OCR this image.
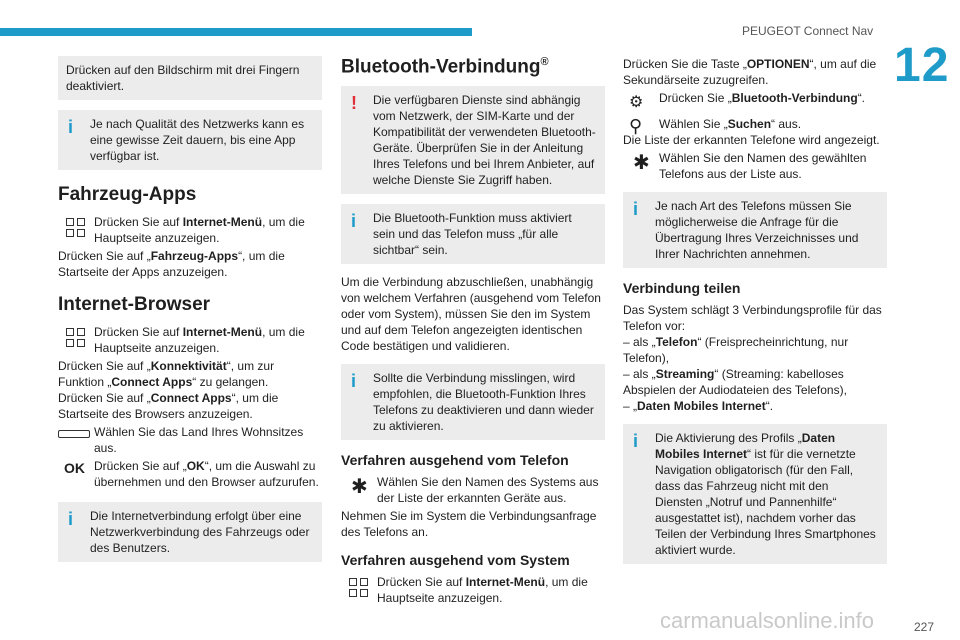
PEUGEOT Connect Nav
12
Drücken auf den Bildschirm mit drei Fingern deaktiviert.
i Je nach Qualität des Netzwerks kann es eine gewisse Zeit dauern, bis eine App verfügbar ist.
Fahrzeug-Apps

Drücken Sie auf Internet-Menü, um die Hauptseite anzuzeigen.

Drücken Sie auf „Fahrzeug-Apps“, um die Startseite der Apps anzuzeigen.

Internet-Browser

Drücken Sie auf Internet-Menü, um die Hauptseite anzuzeigen.

Drücken Sie auf „Konnektivität“, um zur Funktion „Connect Apps“ zu gelangen.

Drücken Sie auf „Connect Apps“, um die Startseite des Browsers anzuzeigen.

Wählen Sie das Land Ihres Wohnsitzes aus.

OK Drücken Sie auf „OK“, um die Auswahl zu übernehmen und den Browser aufzurufen.

i Die Internetverbindung erfolgt über eine Netzwerkverbindung des Fahrzeugs oder des Benutzers.
Bluetooth-Verbindung®
! Die verfügbaren Dienste sind abhängig vom Netzwerk, der SIM-Karte und der Kompatibilität der verwendeten Bluetooth-Geräte. Überprüfen Sie in der Anleitung Ihres Telefons und bei Ihrem Anbieter, auf welche Dienste Sie Zugriff haben.
i Die Bluetooth-Funktion muss aktiviert sein und das Telefon muss „für alle sichtbar“ sein.

Um die Verbindung abzuschließen, unabhängig von welchem Verfahren (ausgehend vom Telefon oder vom System), müssen Sie den im System und auf dem Telefon angezeigten identischen Code bestätigen und validieren.

i Sollte die Verbindung misslingen, wird empfohlen, die Bluetooth-Funktion Ihres Telefons zu deaktivieren und dann wieder zu aktivieren.
Verfahren ausgehend vom Telefon
✱ Wählen Sie den Namen des Systems aus der Liste der erkannten Geräte aus.

Nehmen Sie im System die Verbindungsanfrage des Telefons an.

Verfahren ausgehend vom System

Drücken Sie auf Internet-Menü, um die Hauptseite anzuzeigen.

Drücken Sie die Taste „OPTIONEN“, um auf die Sekundärseite zuzugreifen.

⚙ Drücken Sie „Bluetooth-Verbindung“.

⚲ Wählen Sie „Suchen“ aus.

Die Liste der erkannten Telefone wird angezeigt.

✱ Wählen Sie den Namen des gewählten Telefons aus der Liste aus.

i Je nach Art des Telefons müssen Sie möglicherweise die Anfrage für die Übertragung Ihres Verzeichnisses und Ihrer Nachrichten annehmen.
Verbindung teilen

Das System schlägt 3 Verbindungsprofile für das Telefon vor:

– als „Telefon“ (Freisprecheinrichtung, nur Telefon),

– als „Streaming“ (Streaming: kabelloses Abspielen der Audiodateien des Telefons),

– „Daten Mobiles Internet“.

i Die Aktivierung des Profils „Daten Mobiles Internet“ ist für die vernetzte Navigation obligatorisch (für den Fall, dass das Fahrzeug nicht mit den Diensten „Notruf und Pannenhilfe“ ausgestattet ist), nachdem vorher das Teilen der Verbindung Ihres Smartphones aktiviert wurde.
carmanualsonline.info	227
